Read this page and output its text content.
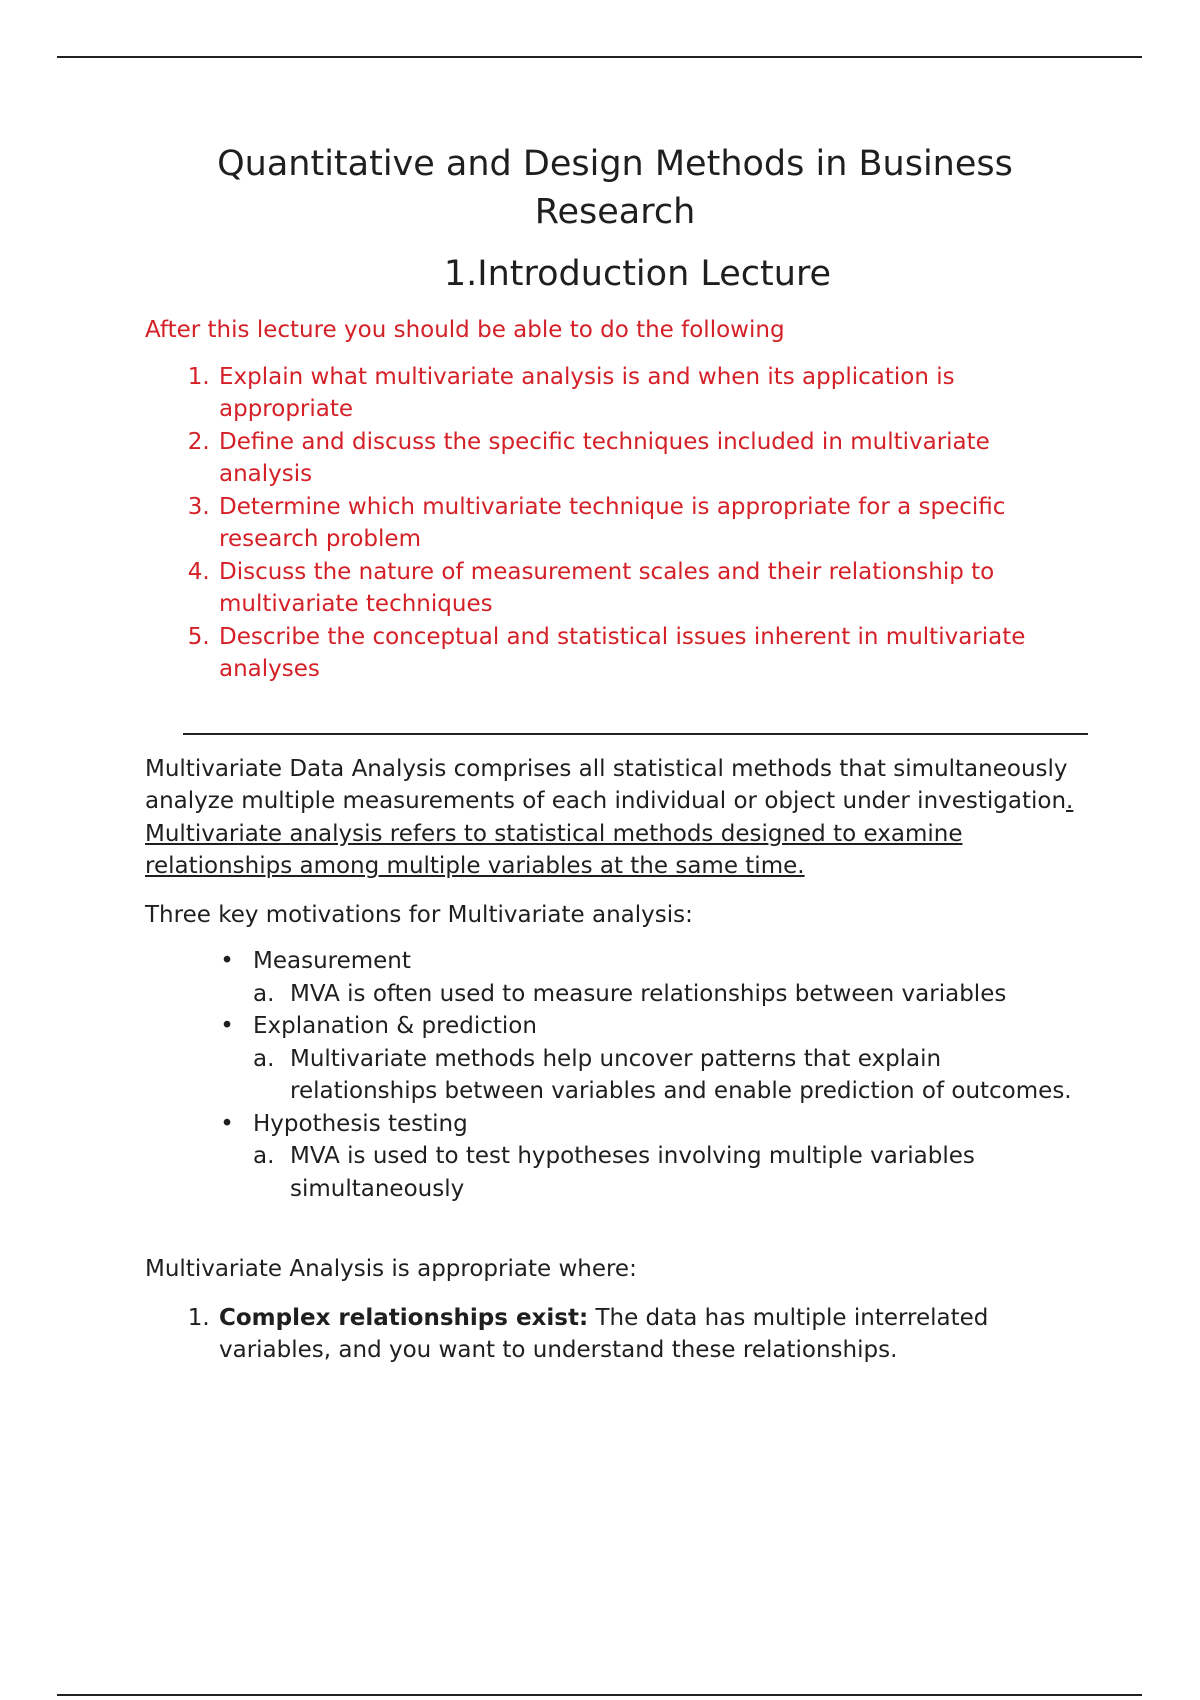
Quantitative and Design Methods in Business Research
1.Introduction Lecture

After this lecture you should be able to do the following

1. Explain what multivariate analysis is and when its application is appropriate
2. Define and discuss the specific techniques included in multivariate analysis
3. Determine which multivariate technique is appropriate for a specific research problem
4. Discuss the nature of measurement scales and their relationship to multivariate techniques
5. Describe the conceptual and statistical issues inherent in multivariate analyses

Multivariate Data Analysis comprises all statistical methods that simultaneously analyze multiple measurements of each individual or object under investigation. Multivariate analysis refers to statistical methods designed to examine relationships among multiple variables at the same time.

Three key motivations for Multivariate analysis:

• Measurement
a. MVA is often used to measure relationships between variables
• Explanation & prediction
a. Multivariate methods help uncover patterns that explain relationships between variables and enable prediction of outcomes.
• Hypothesis testing
a. MVA is used to test hypotheses involving multiple variables simultaneously

Multivariate Analysis is appropriate where:

1. Complex relationships exist: The data has multiple interrelated variables, and you want to understand these relationships.
